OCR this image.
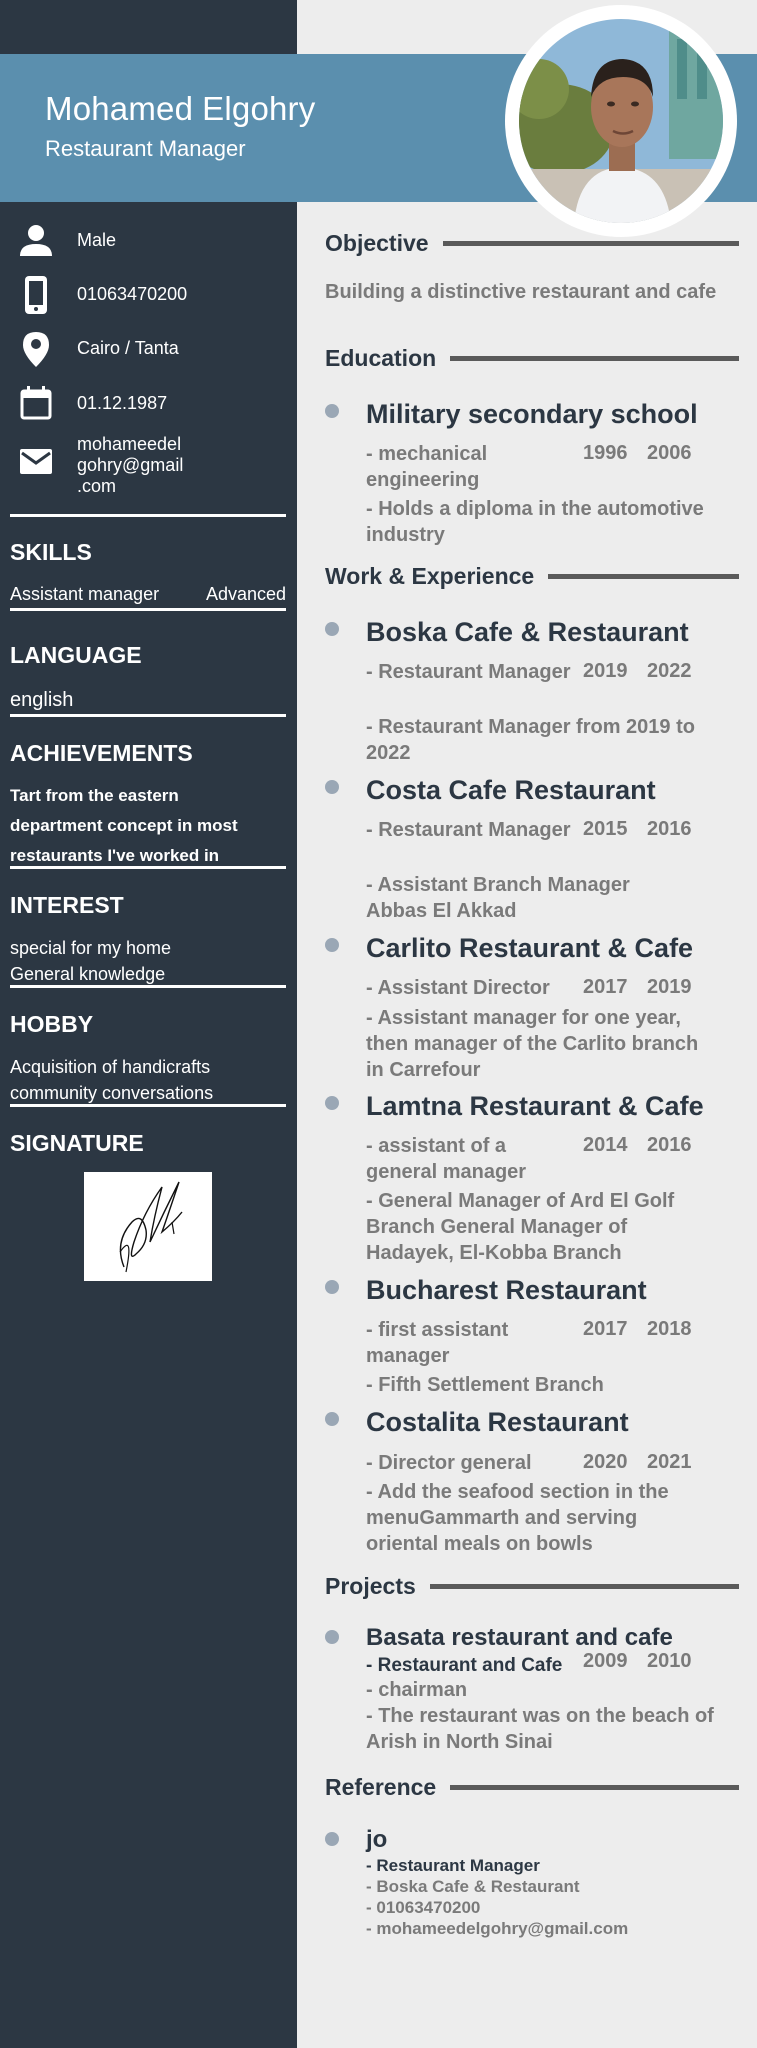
Mohamed Elgohry
Restaurant Manager
Male
01063470200
Cairo / Tanta
01.12.1987
mohameedel
gohry@gmail
.com
SKILLS
Assistant manager	Advanced
LANGUAGE
english
ACHIEVEMENTS
Tart from the eastern
department concept in most
restaurants I've worked in
INTEREST
special for my home
General knowledge
HOBBY
Acquisition of handicrafts
community conversations
SIGNATURE
Objective
Building a distinctive restaurant and cafe
Education
Military secondary school
- mechanical engineering
1996 2006
- Holds a diploma in the automotive industry
Work & Experience
Boska Cafe & Restaurant
- Restaurant Manager 2019 2022
- Restaurant Manager from 2019 to 2022
Costa Cafe Restaurant
- Restaurant Manager 2015 2016
- Assistant Branch Manager Abbas El Akkad
Carlito Restaurant & Cafe
- Assistant Director	2017 2019
- Assistant manager for one year, then manager of the Carlito branch in Carrefour
Lamtna Restaurant & Cafe
- assistant of a general manager
2014 2016
- General Manager of Ard El Golf Branch General Manager of Hadayek, El-Kobba Branch
Bucharest Restaurant
- first assistant manager
2017 2018
- Fifth Settlement Branch
Costalita Restaurant
- Director general	2020 2021
- Add the seafood section in the menuGammarth and serving oriental meals on bowls
Projects
Basata restaurant and cafe
- Restaurant and Cafe 2009 2010
- chairman
- The restaurant was on the beach of Arish in North Sinai
Reference
jo
- Restaurant Manager
- Boska Cafe & Restaurant
- 01063470200
- mohameedelgohry@gmail.com
